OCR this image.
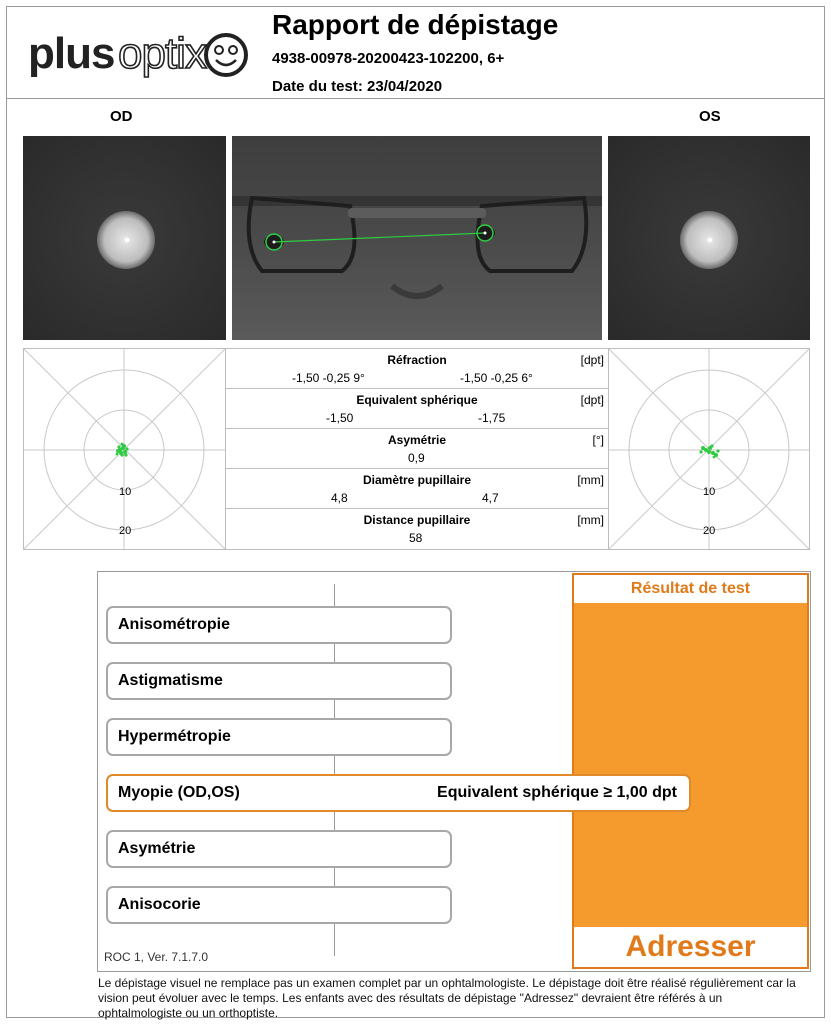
plus optix
Rapport de dépistage
4938-00978-20200423-102200, 6+
Date du test: 23/04/2020
OD	OS
10
20
Réfraction	[dpt]
-1,50 -0,25 9°	-1,50 -0,25 6°
Equivalent sphérique	[dpt]
-1,50	-1,75
Asymétrie	[°]
0,9
Diamètre pupillaire	[mm]
4,8	4,7
Distance pupillaire	[mm]
58
10
20
Résultat de test
Adresser
Anisométropie
Astigmatisme
Hypermétropie
Myopie (OD,OS)	Equivalent sphérique ≥ 1,00 dpt
Asymétrie
Anisocorie
ROC 1, Ver. 7.1.7.0
Le dépistage visuel ne remplace pas un examen complet par un ophtalmologiste. Le dépistage doit être réalisé régulièrement car la vision peut évoluer avec le temps. Les enfants avec des résultats de dépistage "Adressez" devraient être référés à un ophtalmologiste ou un orthoptiste.
